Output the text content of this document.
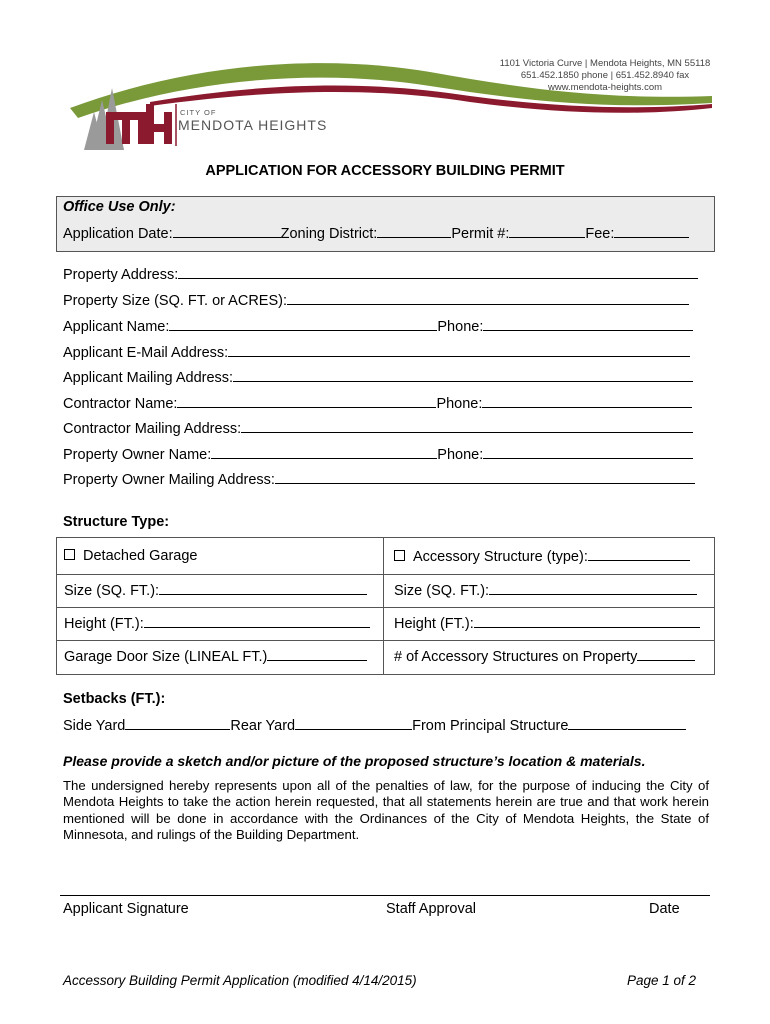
CITY OF
MENDOTA HEIGHTS
1101 Victoria Curve | Mendota Heights, MN 55118
651.452.1850 phone | 651.452.8940 fax
www.mendota-heights.com
APPLICATION FOR ACCESSORY BUILDING PERMIT
Office Use Only:
Application Date:	Zoning District:	Permit #:	Fee:
Property Address:
Property Size (SQ. FT. or ACRES):
Applicant Name:	Phone:
Applicant E-Mail Address:
Applicant Mailing Address:
Contractor Name:	Phone:
Contractor Mailing Address:
Property Owner Name:	Phone:
Property Owner Mailing Address:
Structure Type:
Detached Garage	Accessory Structure (type):
Size (SQ. FT.):	Size (SQ. FT.):
Height (FT.):	Height (FT.):
Garage Door Size (LINEAL FT.)	# of Accessory Structures on Property
Setbacks (FT.):
Side Yard	Rear Yard	From Principal Structure
Please provide a sketch and/or picture of the proposed structure’s location & materials.
The undersigned hereby represents upon all of the penalties of law, for the purpose of inducing the City of Mendota Heights to take the action herein requested, that all statements herein are true and that work herein mentioned will be done in accordance with the Ordinances of the City of Mendota Heights, the State of Minnesota, and rulings of the Building Department.
Applicant Signature	Staff Approval	Date
Accessory Building Permit Application (modified 4/14/2015)	Page 1 of 2
